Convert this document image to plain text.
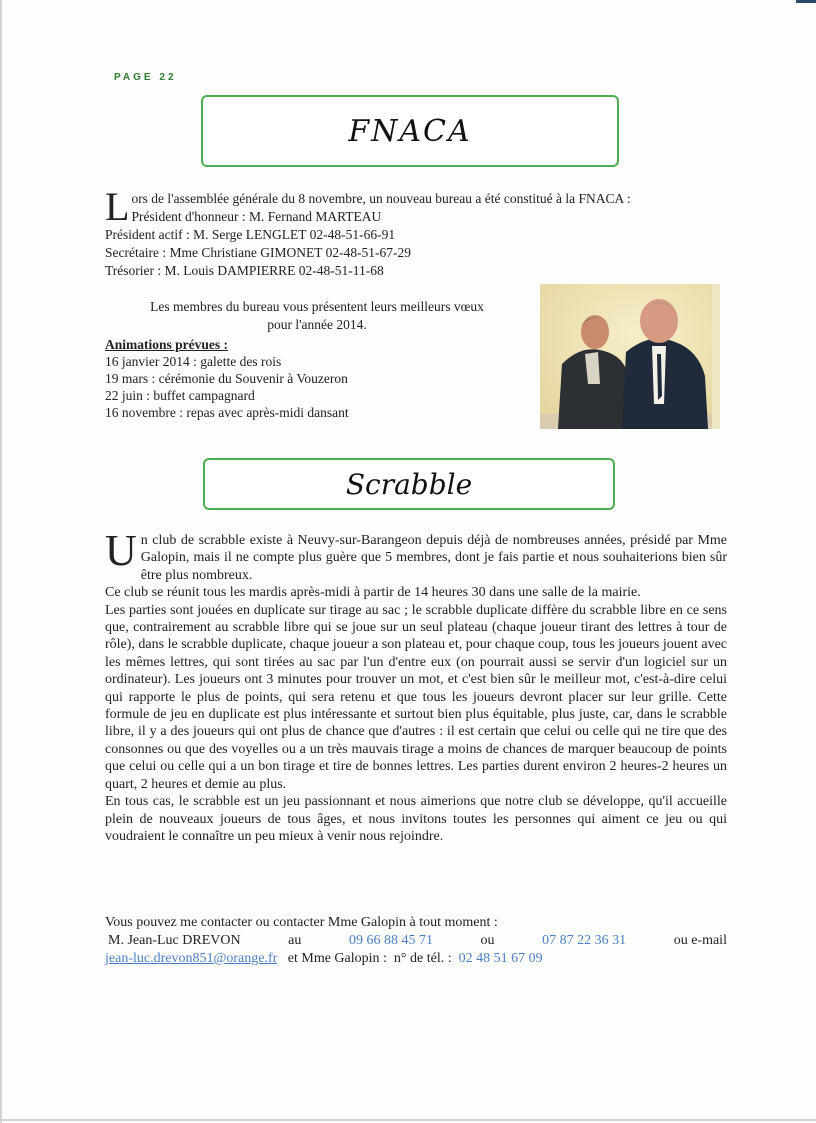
PAGE 22
FNACA
L ors de l'assemblée générale du 8 novembre, un nouveau bureau a été constitué à la FNACA :
Président d'honneur : M. Fernand MARTEAU
Président actif : M. Serge LENGLET 02-48-51-66-91
Secrétaire : Mme Christiane GIMONET 02-48-51-67-29
Trésorier : M. Louis DAMPIERRE 02-48-51-11-68
Les membres du bureau vous présentent leurs meilleurs vœux
pour l'année 2014.
Animations prévues :
16 janvier 2014 : galette des rois
19 mars : cérémonie du Souvenir à Vouzeron
22 juin : buffet campagnard
16 novembre : repas avec après-midi dansant
Scrabble
U n club de scrabble existe à Neuvy-sur-Barangeon depuis déjà de nombreuses années, présidé par Mme Galopin, mais il ne compte plus guère que 5 membres, dont je fais partie et nous souhaiterions bien sûr être plus nombreux.

Ce club se réunit tous les mardis après-midi à partir de 14 heures 30 dans une salle de la mairie.

Les parties sont jouées en duplicate sur tirage au sac ; le scrabble duplicate diffère du scrabble libre en ce sens que, contrairement au scrabble libre qui se joue sur un seul plateau (chaque joueur tirant des lettres à tour de rôle), dans le scrabble duplicate, chaque joueur a son plateau et, pour chaque coup, tous les joueurs jouent avec les mêmes lettres, qui sont tirées au sac par l'un d'entre eux (on pourrait aussi se servir d'un logiciel sur un ordinateur). Les joueurs ont 3 minutes pour trouver un mot, et c'est bien sûr le meilleur mot, c'est-à-dire celui qui rapporte le plus de points, qui sera retenu et que tous les joueurs devront placer sur leur grille. Cette formule de jeu en duplicate est plus intéressante et surtout bien plus équitable, plus juste, car, dans le scrabble libre, il y a des joueurs qui ont plus de chance que d'autres : il est certain que celui ou celle qui ne tire que des consonnes ou que des voyelles ou a un très mauvais tirage a moins de chances de marquer beaucoup de points que celui ou celle qui a un bon tirage et tire de bonnes lettres. Les parties durent environ 2 heures-2 heures un quart, 2 heures et demie au plus.

En tous cas, le scrabble est un jeu passionnant et nous aimerions que notre club se développe, qu'il accueille plein de nouveaux joueurs de tous âges, et nous invitons toutes les personnes qui aiment ce jeu ou qui voudraient le connaître un peu mieux à venir nous rejoindre.

Vous pouvez me contacter ou contacter Mme Galopin à tout moment :
M. Jean-Luc DREVON	au	09 66 88 45 71	ou	07 87 22 36 31	ou e-mail
jean-luc.drevon851@orange.fr et Mme Galopin : n° de tél. : 02 48 51 67 09
